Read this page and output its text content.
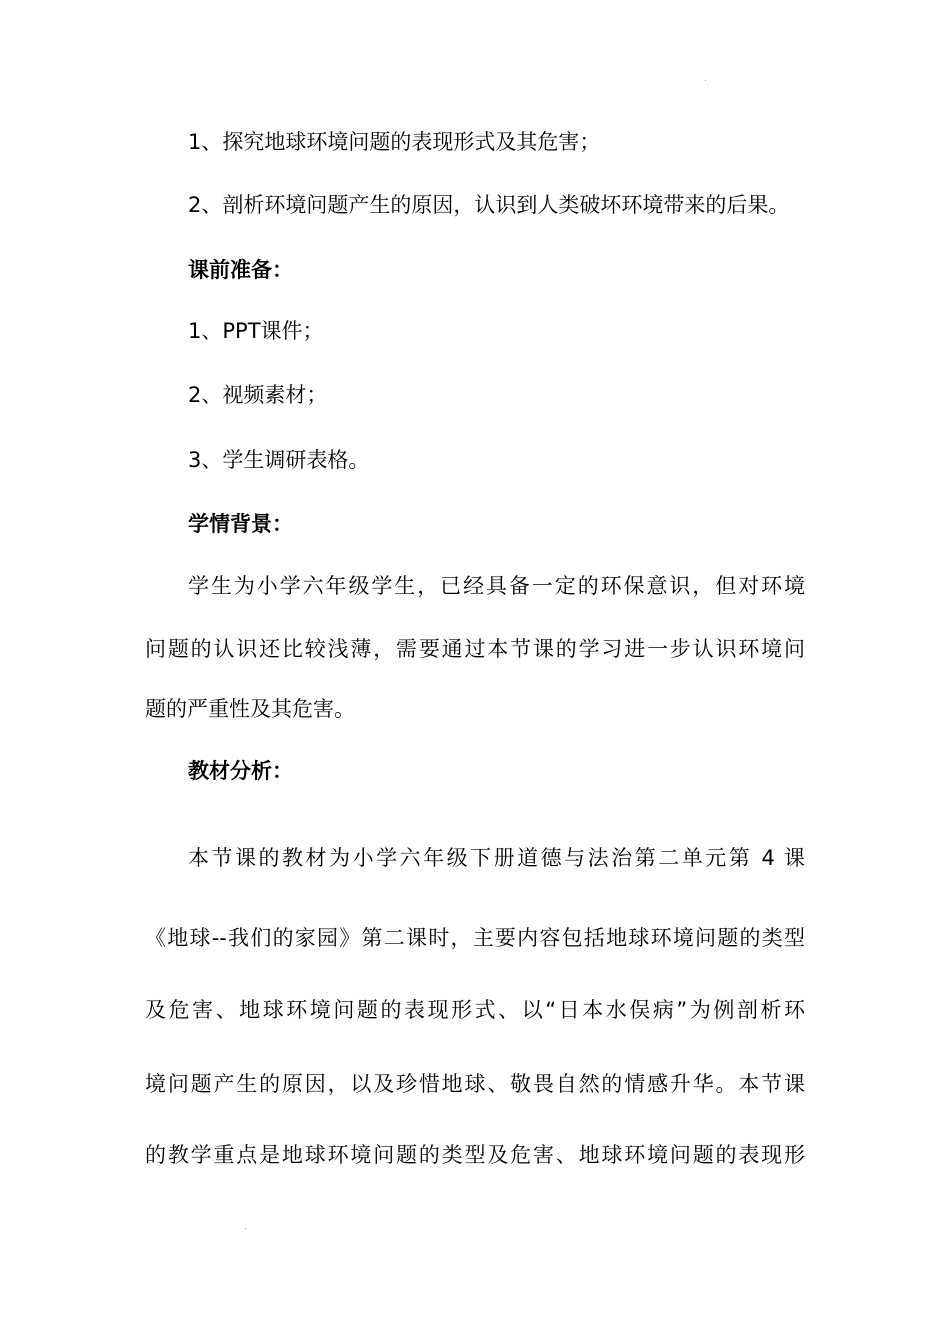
1、探究地球环境问题的表现形式及其危害；
2、剖析环境问题产生的原因，认识到人类破坏环境带来的后果。
课前准备：
1、PPT课件；
2、视频素材；
3、学生调研表格。
学情背景：
学生为小学六年级学生，已经具备一定的环保意识，但对环境
问题的认识还比较浅薄，需要通过本节课的学习进一步认识环境问
题的严重性及其危害。
教材分析：
本节课的教材为小学六年级下册道德与法治第二单元第 4 课
《地球--我们的家园》第二课时，主要内容包括地球环境问题的类型
及危害、地球环境问题的表现形式、以“日本水俣病”为例剖析环
境问题产生的原因，以及珍惜地球、敬畏自然的情感升华。本节课
的教学重点是地球环境问题的类型及危害、地球环境问题的表现形
